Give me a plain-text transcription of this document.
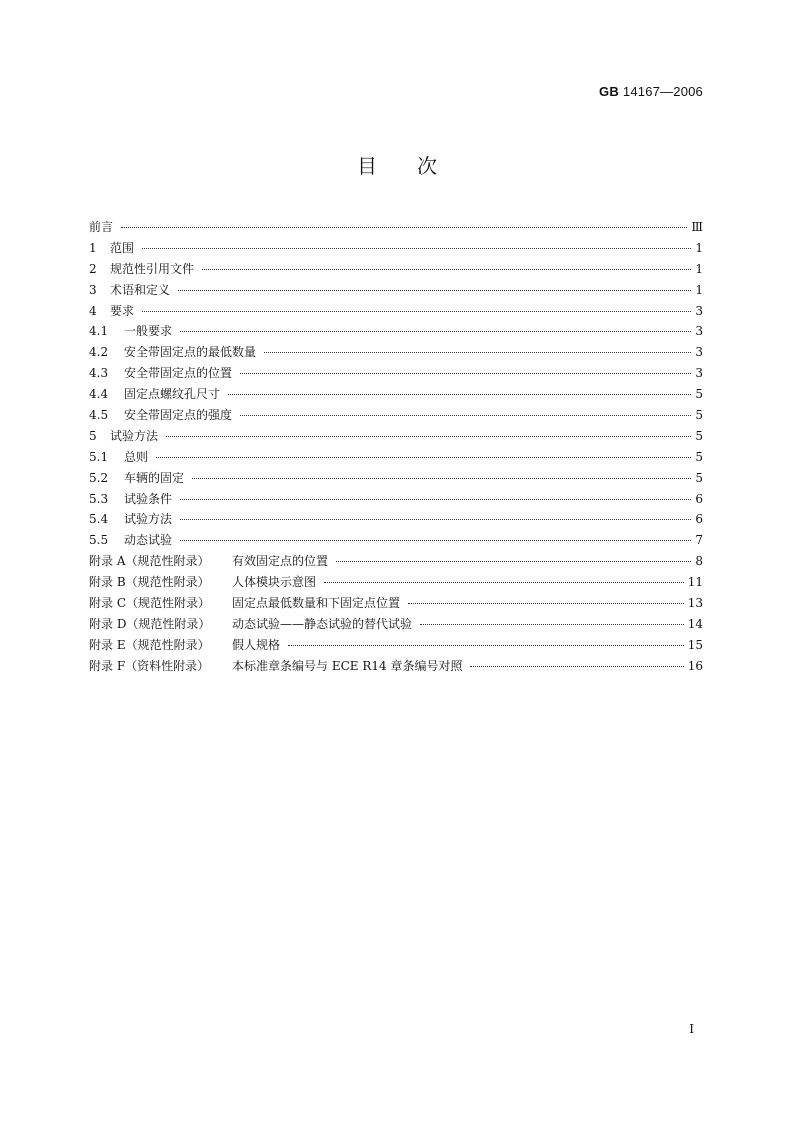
GB 14167—2006
目次
前言	Ⅲ
1	范围	1
2	规范性引用文件	1
3	术语和定义	1
4	要求	3
4.1	一般要求	3
4.2	安全带固定点的最低数量	3
4.3	安全带固定点的位置	3
4.4	固定点螺纹孔尺寸	5
4.5	安全带固定点的强度	5
5	试验方法	5
5.1	总则	5
5.2	车辆的固定	5
5.3	试验条件	6
5.4	试验方法	6
5.5	动态试验	7
附录 A（规范性附录）	有效固定点的位置	8
附录 B（规范性附录）	人体模块示意图	11
附录 C（规范性附录）	固定点最低数量和下固定点位置	13
附录 D（规范性附录）	动态试验——静态试验的替代试验	14
附录 E（规范性附录）	假人规格	15
附录 F（资料性附录）	本标准章条编号与 ECE R14 章条编号对照	16
Ⅰ
